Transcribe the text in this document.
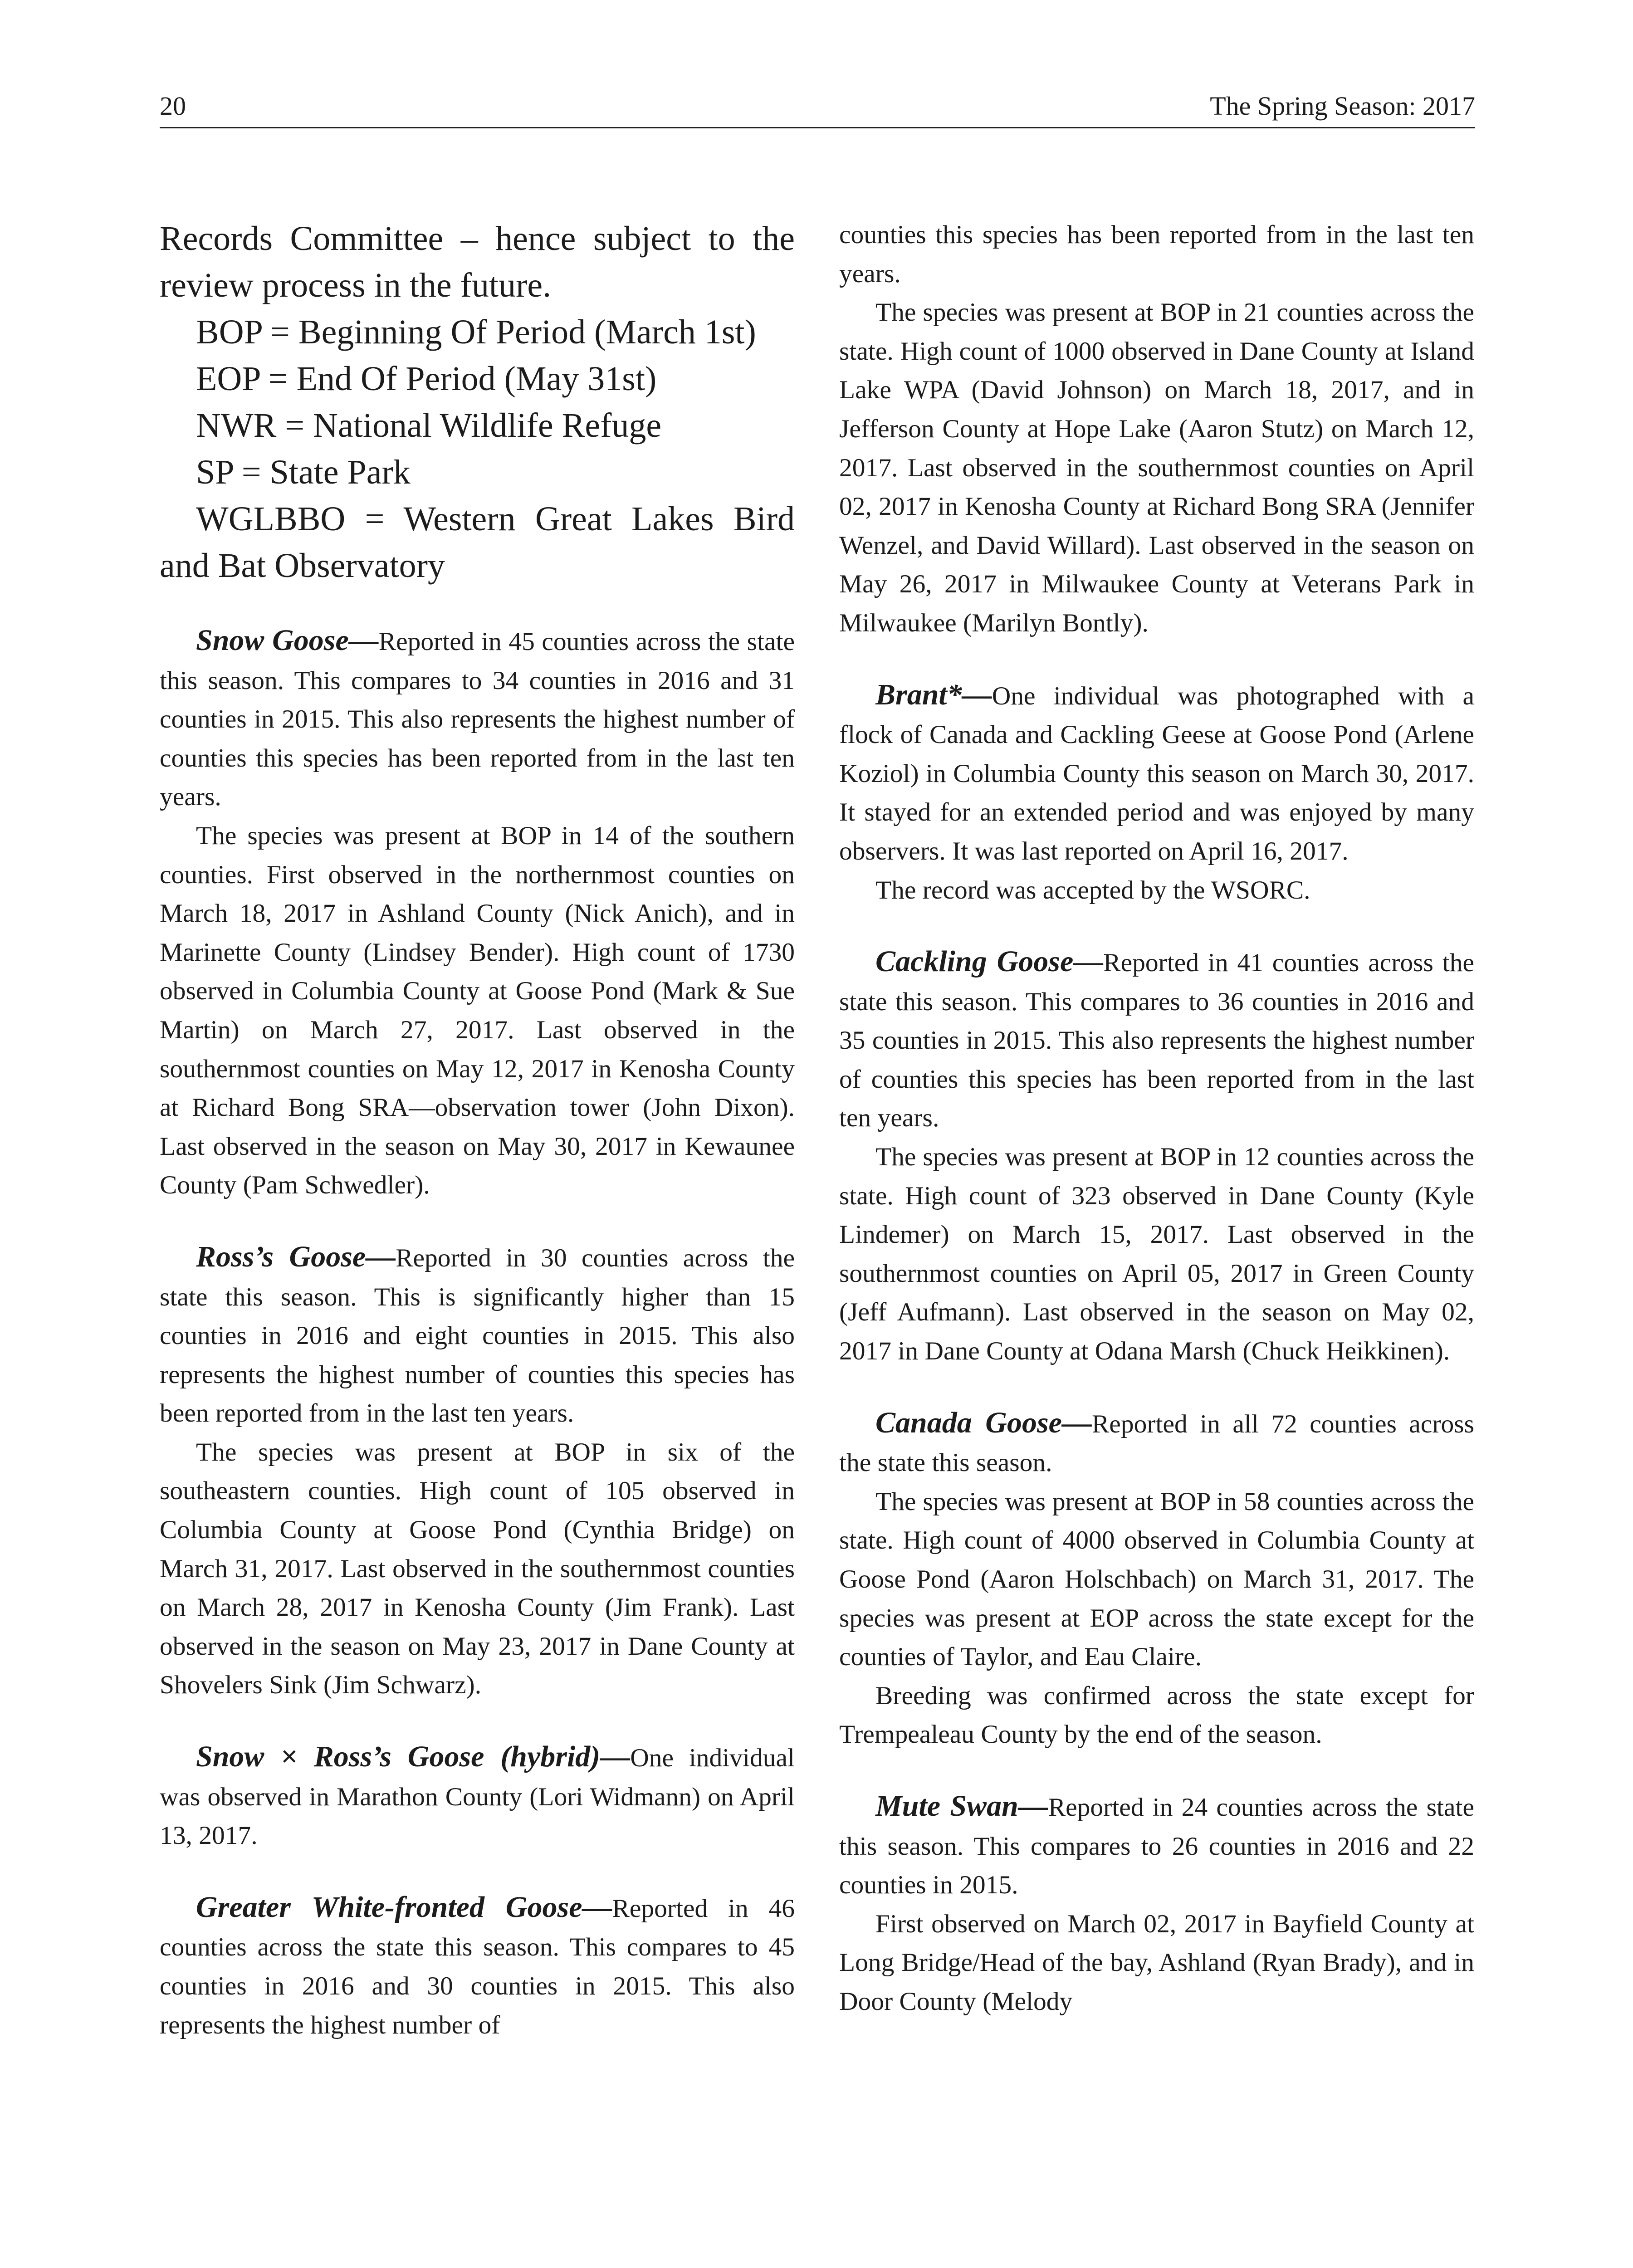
20	The Spring Season: 2017

Records Committee – hence subject to the review process in the future.

BOP = Beginning Of Period (March 1st)

EOP = End Of Period (May 31st)

NWR = National Wildlife Refuge

SP = State Park

WGLBBO = Western Great Lakes Bird and Bat Observatory

Snow Goose—Reported in 45 counties across the state this season. This compares to 34 counties in 2016 and 31 counties in 2015. This also represents the highest number of counties this species has been reported from in the last ten years.

The species was present at BOP in 14 of the southern counties. First observed in the northernmost counties on March 18, 2017 in Ashland County (Nick Anich), and in Marinette County (Lindsey Bender). High count of 1730 observed in Columbia County at Goose Pond (Mark & Sue Martin) on March 27, 2017. Last observed in the southernmost counties on May 12, 2017 in Kenosha County at Richard Bong SRA—observation tower (John Dixon). Last observed in the season on May 30, 2017 in Kewaunee County (Pam Schwedler).

Ross’s Goose—Reported in 30 counties across the state this season. This is significantly higher than 15 counties in 2016 and eight counties in 2015. This also represents the highest number of counties this species has been reported from in the last ten years.

The species was present at BOP in six of the southeastern counties. High count of 105 observed in Columbia County at Goose Pond (Cynthia Bridge) on March 31, 2017. Last observed in the southernmost counties on March 28, 2017 in Kenosha County (Jim Frank). Last observed in the season on May 23, 2017 in Dane County at Shovelers Sink (Jim Schwarz).

Snow × Ross’s Goose (hybrid)—One individual was observed in Marathon County (Lori Widmann) on April 13, 2017.

Greater White-fronted Goose—Reported in 46 counties across the state this season. This compares to 45 counties in 2016 and 30 counties in 2015. This also represents the highest number of

counties this species has been reported from in the last ten years.

The species was present at BOP in 21 counties across the state. High count of 1000 observed in Dane County at Island Lake WPA (David Johnson) on March 18, 2017, and in Jefferson County at Hope Lake (Aaron Stutz) on March 12, 2017. Last observed in the southernmost counties on April 02, 2017 in Kenosha County at Richard Bong SRA (Jennifer Wenzel, and David Willard). Last observed in the season on May 26, 2017 in Milwaukee County at Veterans Park in Milwaukee (Marilyn Bontly).

Brant*—One individual was photographed with a flock of Canada and Cackling Geese at Goose Pond (Arlene Koziol) in Columbia County this season on March 30, 2017. It stayed for an extended period and was enjoyed by many observers. It was last reported on April 16, 2017.

The record was accepted by the WSORC.

Cackling Goose—Reported in 41 counties across the state this season. This compares to 36 counties in 2016 and 35 counties in 2015. This also represents the highest number of counties this species has been reported from in the last ten years.

The species was present at BOP in 12 counties across the state. High count of 323 observed in Dane County (Kyle Lindemer) on March 15, 2017. Last observed in the southernmost counties on April 05, 2017 in Green County (Jeff Aufmann). Last observed in the season on May 02, 2017 in Dane County at Odana Marsh (Chuck Heikkinen).

Canada Goose—Reported in all 72 counties across the state this season.

The species was present at BOP in 58 counties across the state. High count of 4000 observed in Columbia County at Goose Pond (Aaron Holschbach) on March 31, 2017. The species was present at EOP across the state except for the counties of Taylor, and Eau Claire.

Breeding was confirmed across the state except for Trempealeau County by the end of the season.

Mute Swan—Reported in 24 counties across the state this season. This compares to 26 counties in 2016 and 22 counties in 2015.

First observed on March 02, 2017 in Bayfield County at Long Bridge/Head of the bay, Ashland (Ryan Brady), and in Door County (Melody
